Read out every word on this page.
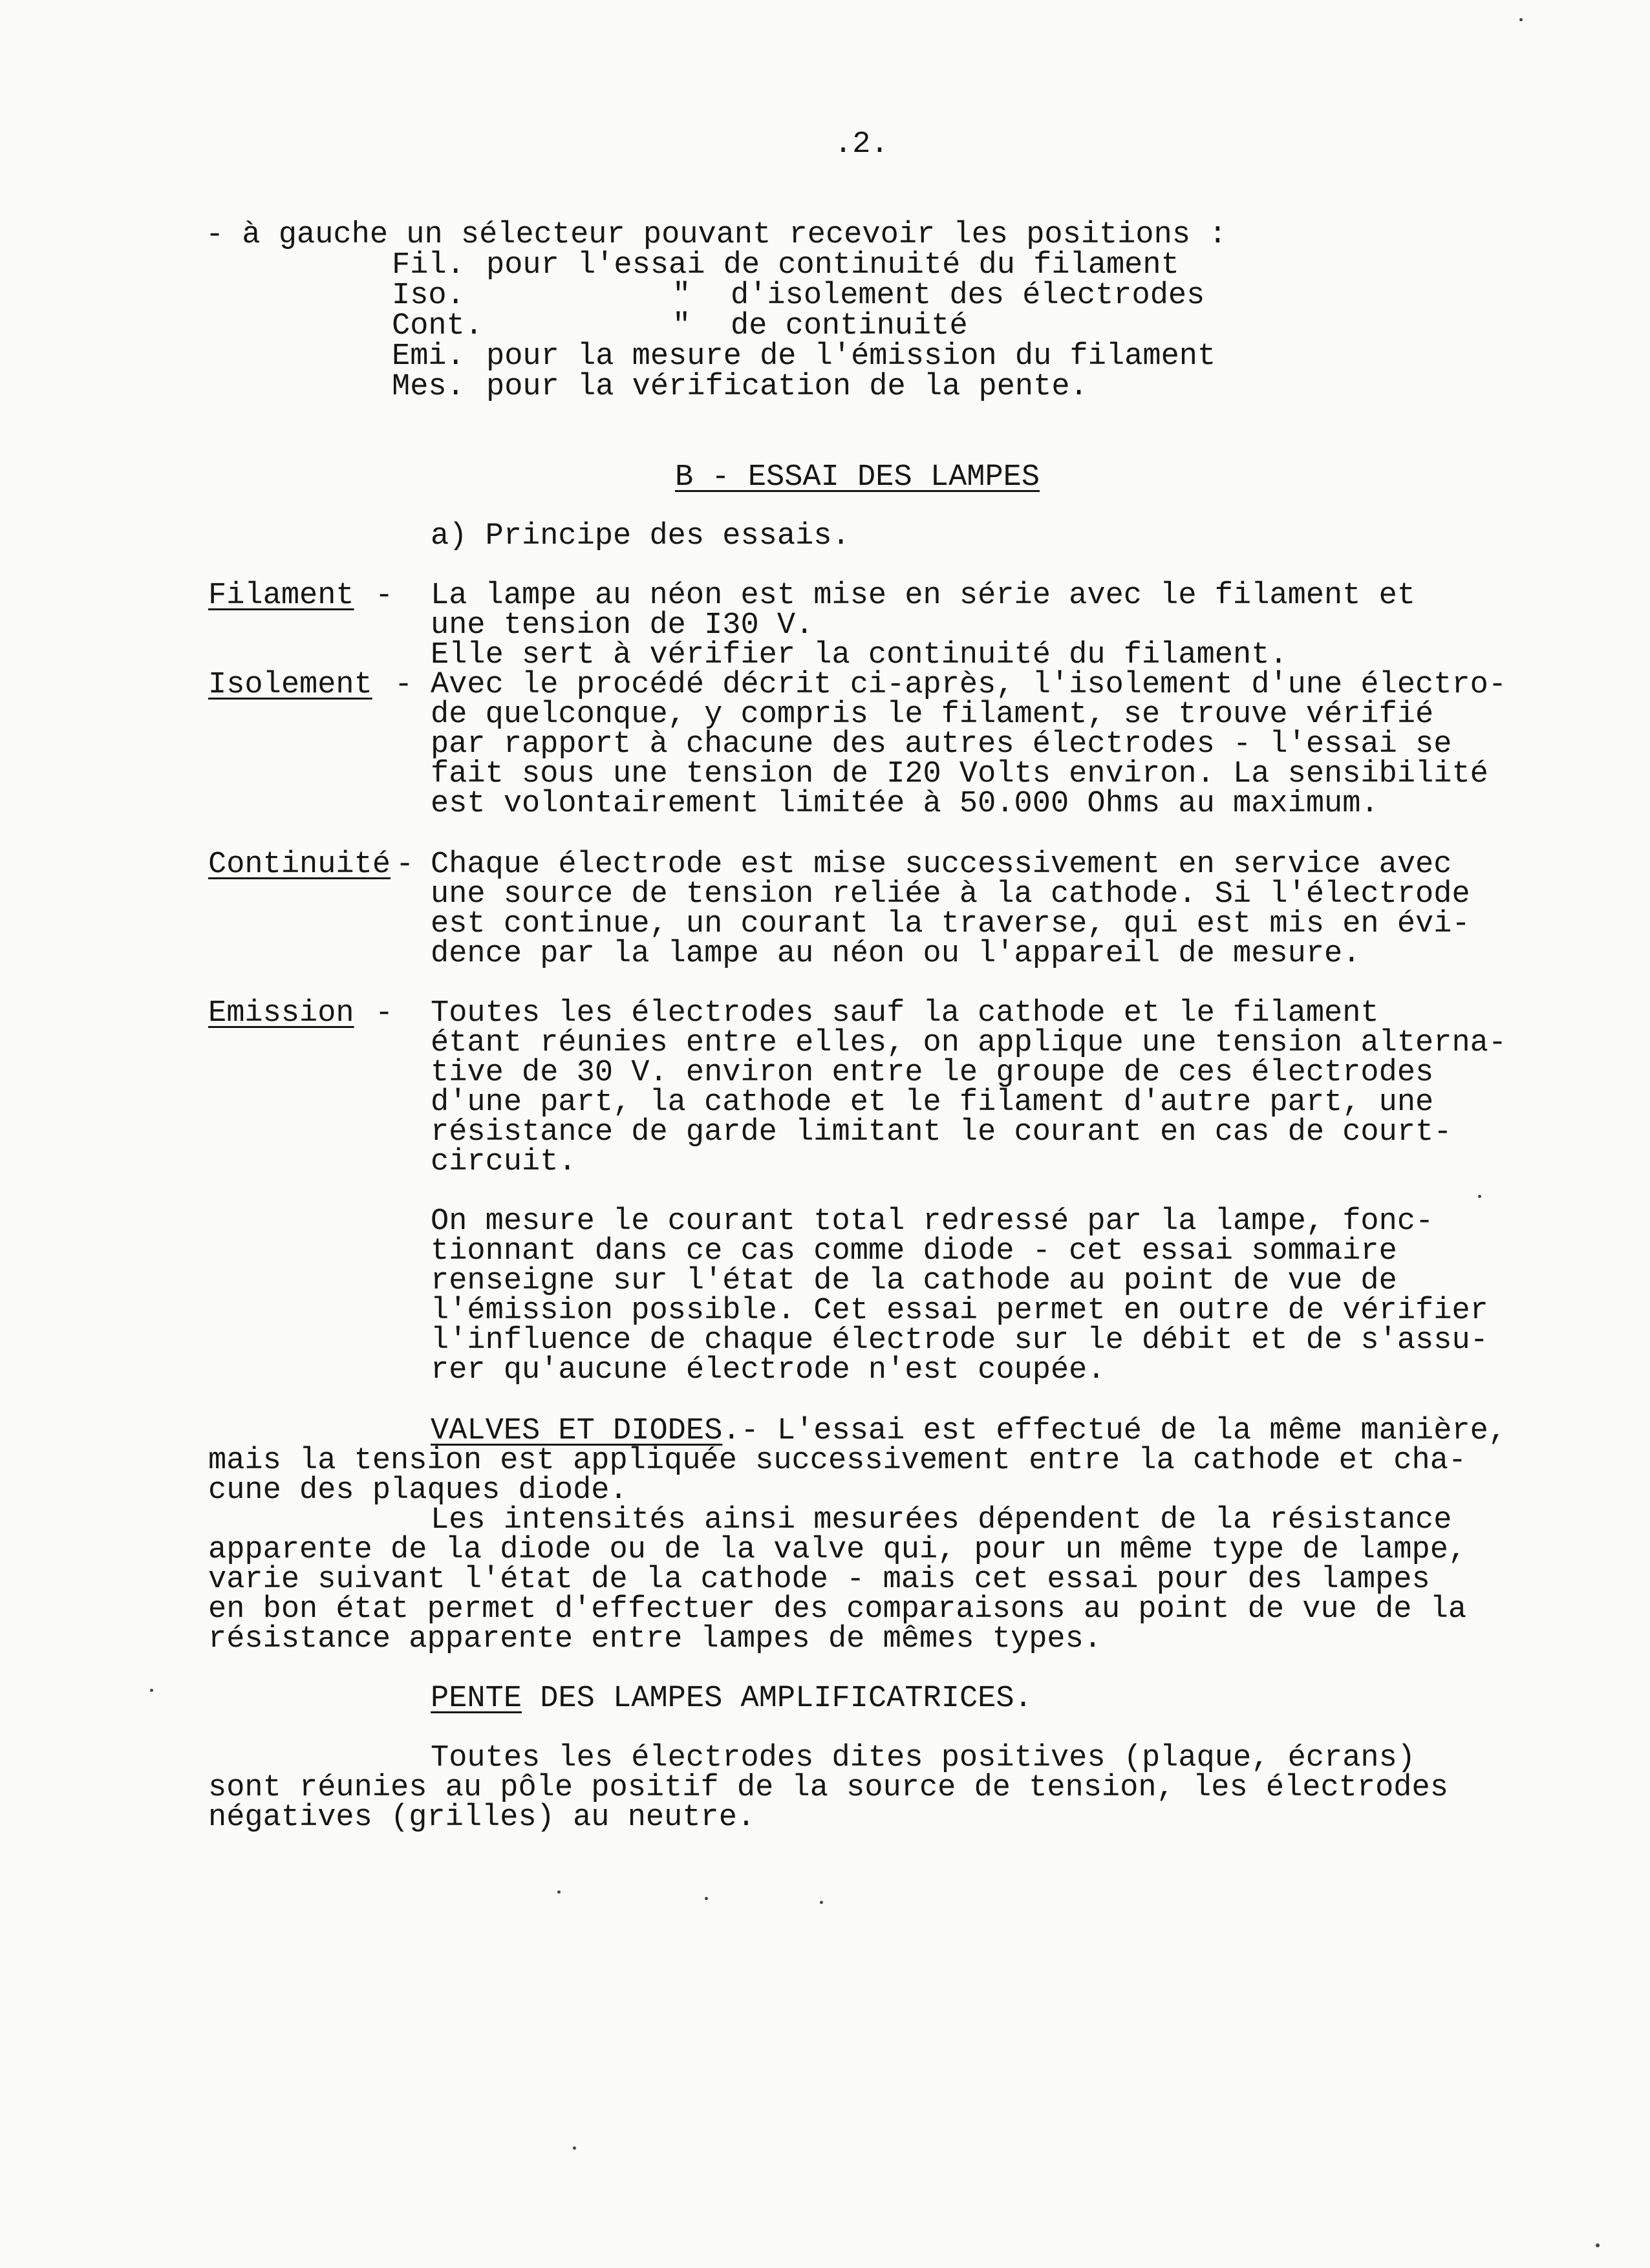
.2.
- à gauche un sélecteur pouvant recevoir les positions :
Fil. pour l'essai de continuité du filament
Iso.	" d'isolement des électrodes
Cont.	" de continuité
Emi. pour la mesure de l'émission du filament
Mes. pour la vérification de la pente.
B - ESSAI DES LAMPES
a) Principe des essais.
Filament - La lampe au néon est mise en série avec le filament et
une tension de I30 V.
Elle sert à vérifier la continuité du filament.
Isolement - Avec le procédé décrit ci-après, l'isolement d'une électro-
de quelconque, y compris le filament, se trouve vérifié
par rapport à chacune des autres électrodes - l'essai se
fait sous une tension de I20 Volts environ. La sensibilité
est volontairement limitée à 50.000 Ohms au maximum.
Continuité - Chaque électrode est mise successivement en service avec
une source de tension reliée à la cathode. Si l'électrode
est continue, un courant la traverse, qui est mis en évi-
dence par la lampe au néon ou l'appareil de mesure.
Emission - Toutes les électrodes sauf la cathode et le filament
étant réunies entre elles, on applique une tension alterna-
tive de 30 V. environ entre le groupe de ces électrodes
d'une part, la cathode et le filament d'autre part, une
résistance de garde limitant le courant en cas de court-
circuit.
On mesure le courant total redressé par la lampe, fonc-
tionnant dans ce cas comme diode - cet essai sommaire
renseigne sur l'état de la cathode au point de vue de
l'émission possible. Cet essai permet en outre de vérifier
l'influence de chaque électrode sur le débit et de s'assu-
rer qu'aucune électrode n'est coupée.
VALVES ET DIODES.- L'essai est effectué de la même manière,
mais la tension est appliquée successivement entre la cathode et cha-
cune des plaques diode.
Les intensités ainsi mesurées dépendent de la résistance
apparente de la diode ou de la valve qui, pour un même type de lampe,
varie suivant l'état de la cathode - mais cet essai pour des lampes
en bon état permet d'effectuer des comparaisons au point de vue de la
résistance apparente entre lampes de mêmes types.
PENTE DES LAMPES AMPLIFICATRICES.
Toutes les électrodes dites positives (plaque, écrans)
sont réunies au pôle positif de la source de tension, les électrodes
négatives (grilles) au neutre.
